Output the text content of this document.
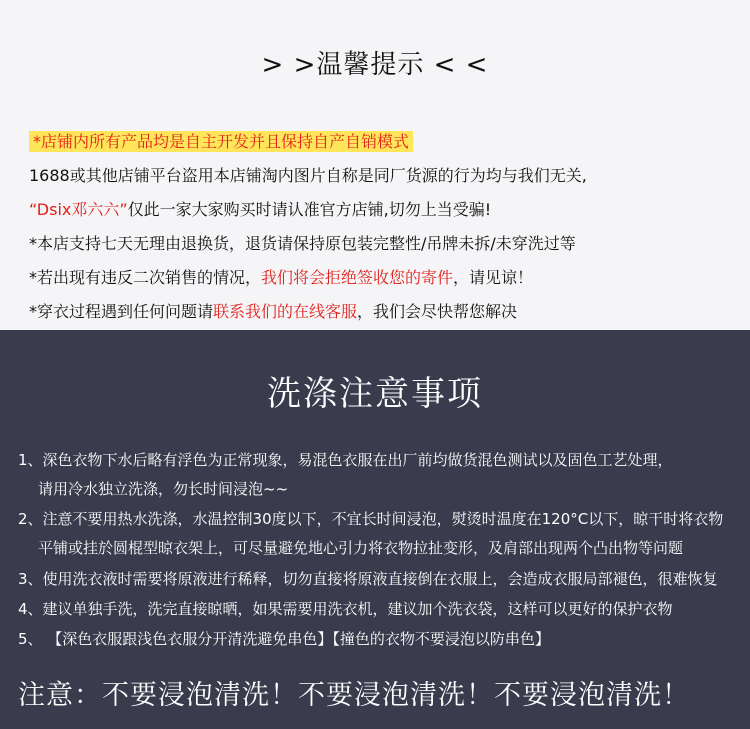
> >温馨提示 < <
*店铺内所有产品均是自主开发并且保持自产自销模式
1688或其他店铺平台盗用本店铺淘内图片自称是同厂货源的行为均与我们无关,
“Dsix邓六六”仅此一家大家购买时请认准官方店铺,切勿上当受骗!
*本店支持七天无理由退换货，退货请保持原包装完整性/吊牌未拆/未穿洗过等
*若出现有违反二次销售的情况，我们将会拒绝签收您的寄件，请见谅！
*穿衣过程遇到任何问题请联系我们的在线客服，我们会尽快帮您解决
洗涤注意事项
1、深色衣物下水后略有浮色为正常现象，易混色衣服在出厂前均做货混色测试以及固色工艺处理，
请用冷水独立洗涤，勿长时间浸泡~~
2、注意不要用热水洗涤，水温控制30度以下，不宜长时间浸泡，熨烫时温度在120°C以下，晾干时将衣物
平铺或挂於圆棍型晾衣架上，可尽量避免地心引力将衣物拉扯变形，及肩部出现两个凸出物等问题
3、使用洗衣液时需要将原液进行稀释，切勿直接将原液直接倒在衣服上，会造成衣服局部褪色，很难恢复
4、建议单独手洗，洗完直接晾晒，如果需要用洗衣机，建议加个洗衣袋，这样可以更好的保护衣物
5、 【深色衣服跟浅色衣服分开清洗避免串色】【撞色的衣物不要浸泡以防串色】
注意：不要浸泡清洗！不要浸泡清洗！不要浸泡清洗！
